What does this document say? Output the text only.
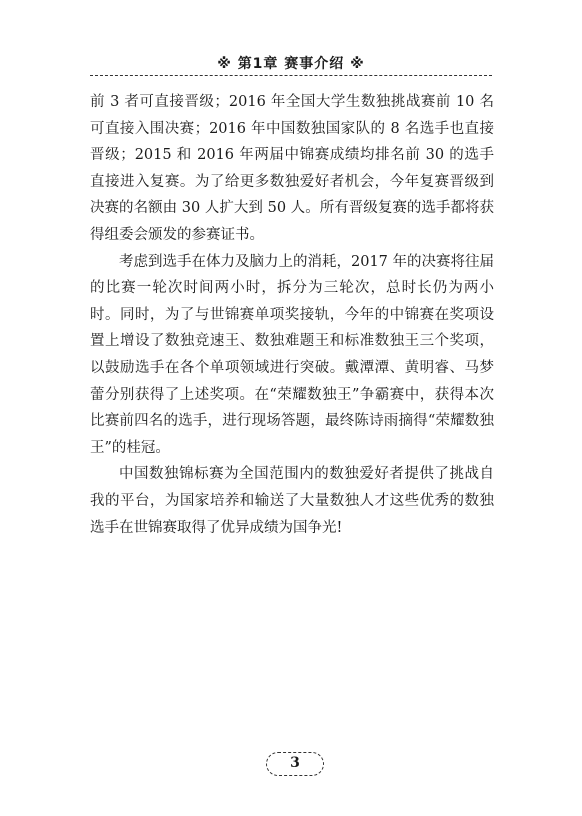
※ 第1章 赛事介绍 ※

前 3 者可直接晋级；2016 年全国大学生数独挑战赛前 10 名可直接入围决赛；2016 年中国数独国家队的 8 名选手也直接晋级；2015 和 2016 年两届中锦赛成绩均排名前 30 的选手直接进入复赛。为了给更多数独爱好者机会，今年复赛晋级到决赛的名额由 30 人扩大到 50 人。所有晋级复赛的选手都将获得组委会颁发的参赛证书。

考虑到选手在体力及脑力上的消耗，2017 年的决赛将往届的比赛一轮次时间两小时，拆分为三轮次，总时长仍为两小时。同时，为了与世锦赛单项奖接轨，今年的中锦赛在奖项设置上增设了数独竞速王、数独难题王和标准数独王三个奖项，以鼓励选手在各个单项领域进行突破。戴潭潭、黄明睿、马梦蕾分别获得了上述奖项。在“荣耀数独王”争霸赛中，获得本次比赛前四名的选手，进行现场答题，最终陈诗雨摘得“荣耀数独王”的桂冠。

中国数独锦标赛为全国范围内的数独爱好者提供了挑战自我的平台，为国家培养和输送了大量数独人才这些优秀的数独选手在世锦赛取得了优异成绩为国争光!

3
